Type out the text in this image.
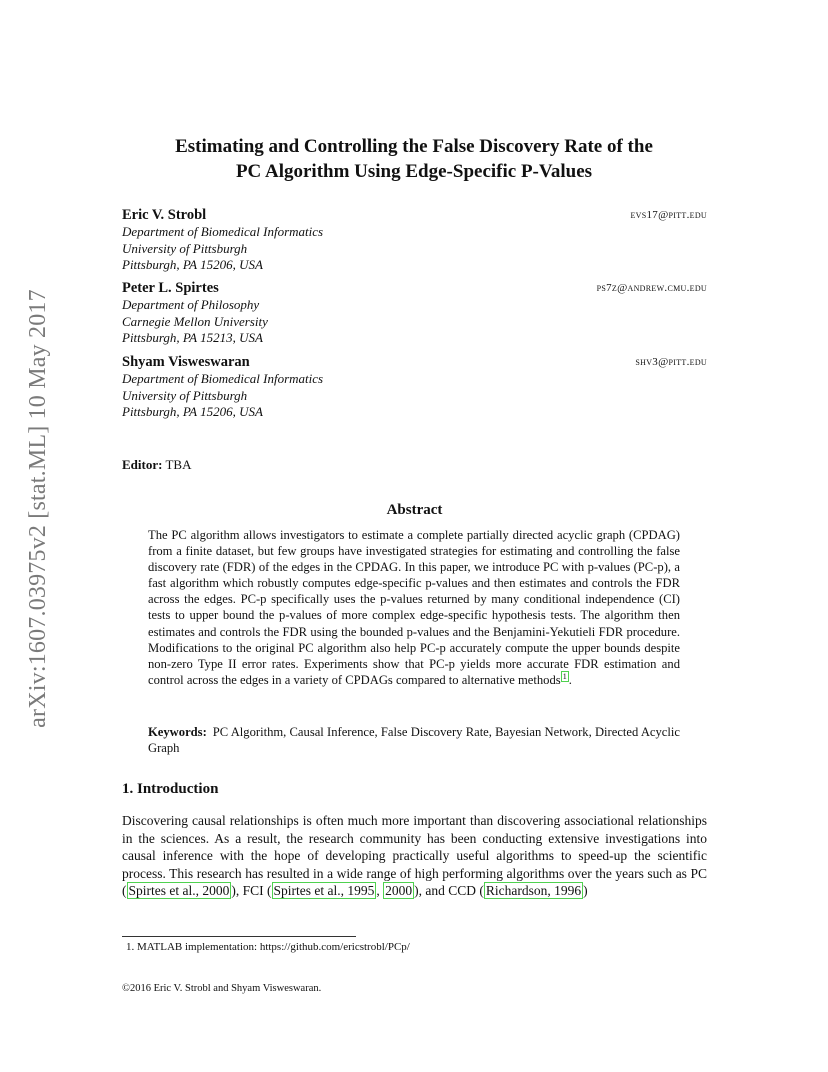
arXiv:1607.03975v2 [stat.ML] 10 May 2017
Estimating and Controlling the False Discovery Rate of the
PC Algorithm Using Edge-Specific P-Values
Eric V. Strobl	evs17@pitt.edu
Department of Biomedical Informatics
University of Pittsburgh
Pittsburgh, PA 15206, USA
Peter L. Spirtes	ps7z@andrew.cmu.edu
Department of Philosophy
Carnegie Mellon University
Pittsburgh, PA 15213, USA
Shyam Visweswaran	shv3@pitt.edu
Department of Biomedical Informatics
University of Pittsburgh
Pittsburgh, PA 15206, USA
Editor: TBA
Abstract
The PC algorithm allows investigators to estimate a complete partially directed acyclic graph (CPDAG) from a finite dataset, but few groups have investigated strategies for estimating and controlling the false discovery rate (FDR) of the edges in the CPDAG. In this paper, we introduce PC with p-values (PC-p), a fast algorithm which robustly computes edge-specific p-values and then estimates and controls the FDR across the edges. PC-p specifically uses the p-values returned by many conditional independence (CI) tests to upper bound the p-values of more complex edge-specific hypothesis tests. The algorithm then estimates and controls the FDR using the bounded p-values and the Benjamini-Yekutieli FDR procedure. Modifications to the original PC algorithm also help PC-p accurately compute the upper bounds despite non-zero Type II error rates. Experiments show that PC-p yields more accurate FDR estimation and control across the edges in a variety of CPDAGs compared to alternative methods $^1$ .
Keywords: PC Algorithm, Causal Inference, False Discovery Rate, Bayesian Network, Directed Acyclic Graph
1. Introduction
Discovering causal relationships is often much more important than discovering associational relationships in the sciences. As a result, the research community has been conducting extensive investigations into causal inference with the hope of developing practically useful algorithms to speed-up the scientific process. This research has resulted in a wide range of high performing algorithms over the years such as PC ( Spirtes et al., 2000 ), FCI ( Spirtes et al., 1995 , 2000 ), and CCD ( Richardson, 1996 )
1. MATLAB implementation: https://github.com/ericstrobl/PCp/
©2016 Eric V. Strobl and Shyam Visweswaran.
